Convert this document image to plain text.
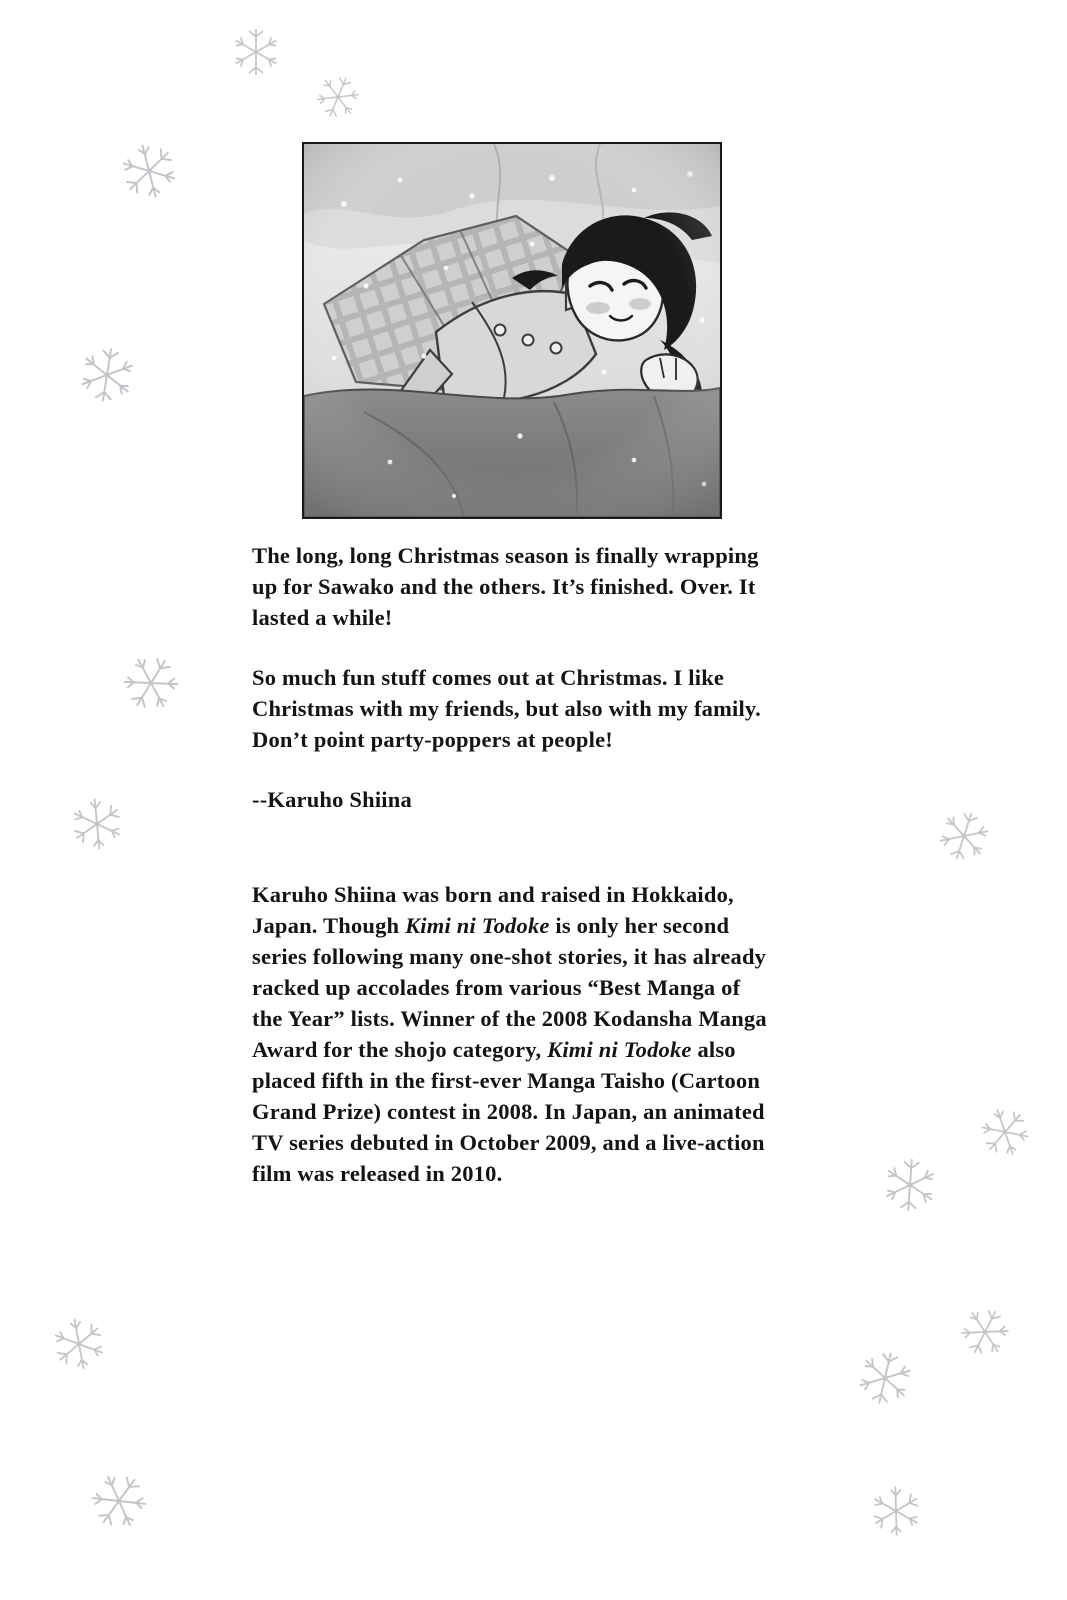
The long, long Christmas season is finally wrapping up for Sawako and the others. It’s finished. Over. It lasted a while!

So much fun stuff comes out at Christmas. I like Christmas with my friends, but also with my family. Don’t point party-poppers at people!

--Karuho Shiina

Karuho Shiina was born and raised in Hokkaido, Japan. Though Kimi ni Todoke is only her second series following many one-shot stories, it has already racked up accolades from various “Best Manga of the Year” lists. Winner of the 2008 Kodansha Manga Award for the shojo category, Kimi ni Todoke also placed fifth in the first-ever Manga Taisho (Cartoon Grand Prize) contest in 2008. In Japan, an animated TV series debuted in October 2009, and a live-action film was released in 2010.
